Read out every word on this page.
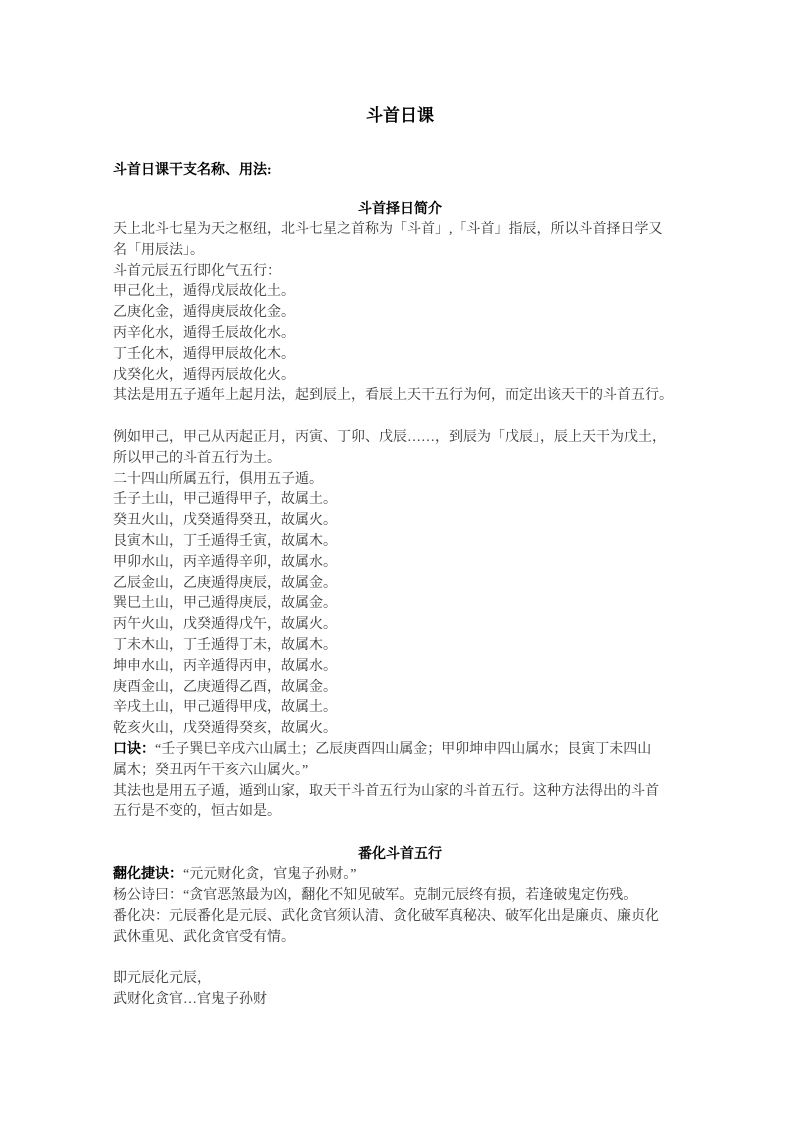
斗首日课
斗首日课干支名称、用法:
斗首择日简介
天上北斗七星为天之枢纽，北斗七星之首称为「斗首」,「斗首」指辰，所以斗首择日学又
名「用辰法」。
斗首元辰五行即化气五行：
甲己化土，遁得戊辰故化土。
乙庚化金，遁得庚辰故化金。
丙辛化水，遁得壬辰故化水。
丁壬化木，遁得甲辰故化木。
戊癸化火，遁得丙辰故化火。
其法是用五子遁年上起月法，起到辰上，看辰上天干五行为何，而定出该天干的斗首五行。

例如甲己，甲己从丙起正月，丙寅、丁卯、戊辰……，到辰为「戊辰」，辰上天干为戊土，
所以甲己的斗首五行为土。
二十四山所属五行，俱用五子遁。
壬子土山，甲己遁得甲子，故属土。
癸丑火山，戊癸遁得癸丑，故属火。
艮寅木山，丁壬遁得壬寅，故属木。
甲卯水山，丙辛遁得辛卯，故属水。
乙辰金山，乙庚遁得庚辰，故属金。
巽巳土山，甲己遁得庚辰，故属金。
丙午火山，戊癸遁得戊午，故属火。
丁未木山，丁壬遁得丁未，故属木。
坤申水山，丙辛遁得丙申，故属水。
庚酉金山，乙庚遁得乙酉，故属金。
辛戌土山，甲己遁得甲戌，故属土。
乾亥火山，戊癸遁得癸亥，故属火。
口诀：“壬子巽巳辛戌六山属土；乙辰庚酉四山属金；甲卯坤申四山属水；艮寅丁未四山
属木；癸丑丙午干亥六山属火。”
其法也是用五子遁，遁到山家，取天干斗首五行为山家的斗首五行。这种方法得出的斗首
五行是不变的，恒古如是。
番化斗首五行
翻化捷诀：“元元财化贪，官鬼子孙财。”
杨公诗曰：“贪官恶煞最为凶，翻化不知见破军。克制元辰终有损，若逢破鬼定伤残。
番化决：元辰番化是元辰、武化贪官须认清、贪化破军真秘决、破军化出是廉贞、廉贞化
武休重见、武化贪官受有情。

即元辰化元辰，
武财化贪官…官鬼子孙财
